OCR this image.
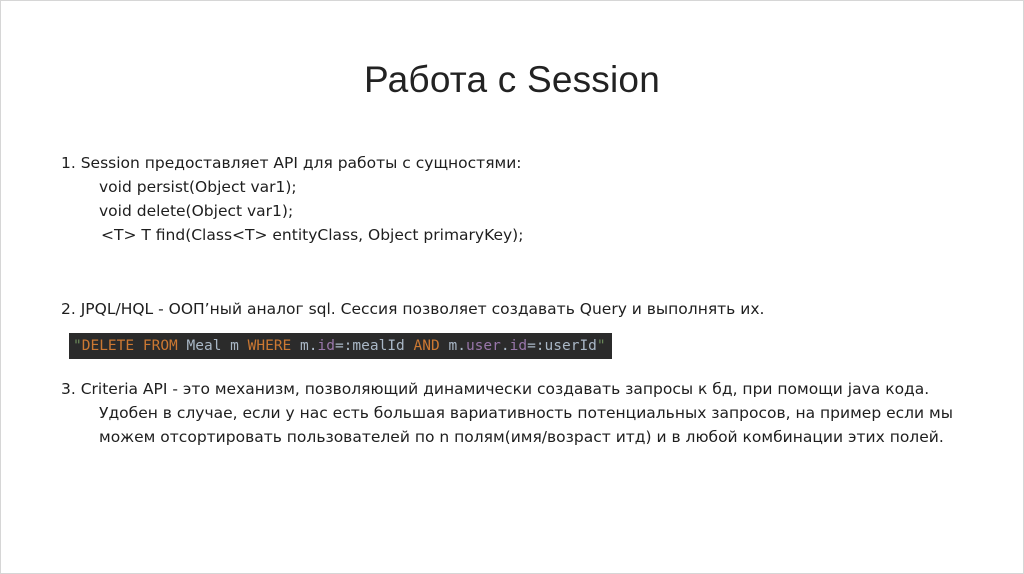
Работа с Session
1. Session предоставляет API для работы с сущностями:
void persist(Object var1);
void delete(Object var1);
<T> T find(Class<T> entityClass, Object primaryKey);
2. JPQL/HQL - ООП’ный аналог sql. Сессия позволяет создавать Query и выполнять их.
"DELETE FROM Meal m WHERE m.id=:mealId AND m.user.id=:userId"
3. Criteria API - это механизм, позволяющий динамически создавать запросы к бд, при помощи java кода.
Удобен в случае, если у нас есть большая вариативность потенциальных запросов, на пример если мы
можем отсортировать пользователей по n полям(имя/возраст итд) и в любой комбинации этих полей.
